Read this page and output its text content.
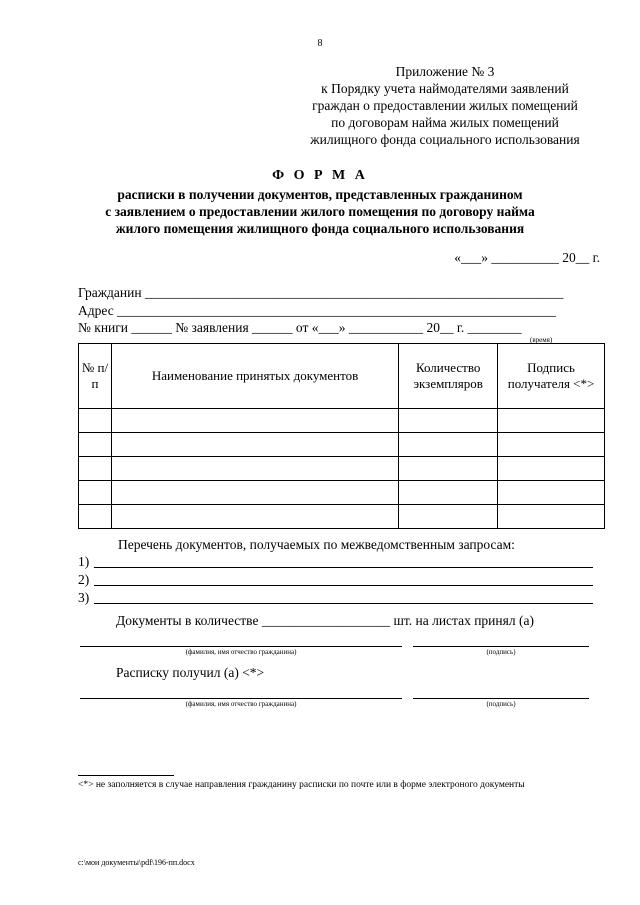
8
Приложение № 3
к Порядку учета наймодателями заявлений
граждан о предоставлении жилых помещений
по договорам найма жилых помещений
жилищного фонда социального использования
Ф О Р М А
расписки в получении документов, представленных гражданином
с заявлением о предоставлении жилого помещения по договору найма
жилого помещения жилищного фонда социального использования
«___» __________ 20__ г.
Гражданин ______________________________________________________________
Адрес _________________________________________________________________
№ книги ______ № заявления ______ от «___» ___________ 20__ г. ________
(время)
№ п/п	Наименование принятых документов	Количество экземпляров	Подпись получателя <*>

Перечень документов, получаемых по межведомственным запросам:
1)
2)
3)
Документы в количестве ___________________ шт. на листах принял (а)
(фамилия, имя отчество гражданина)	(подпись)
Расписку получил (а) <*>
(фамилия, имя отчество гражданина)	(подпись)
<*> не заполняется в случае направления гражданину расписки по почте или в форме электроного документы
c:\мои документы\pdf\196-пп.docx
